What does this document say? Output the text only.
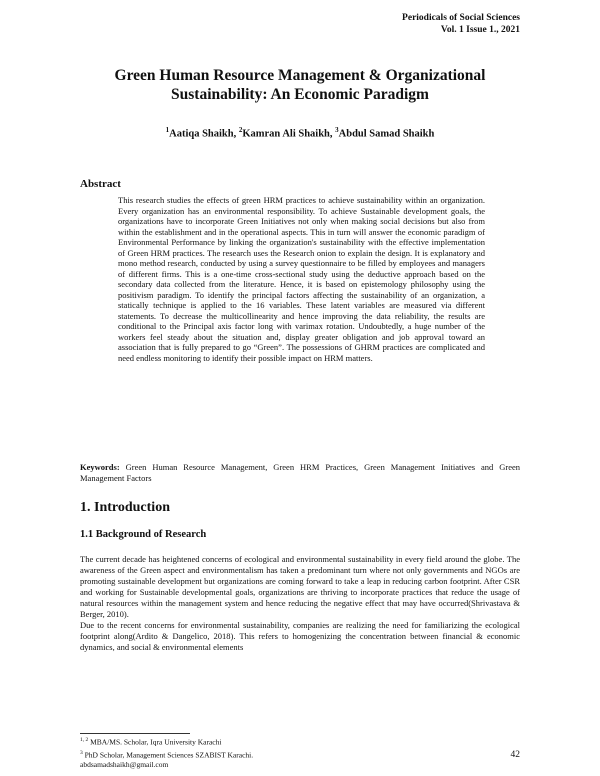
Periodicals of Social Sciences
Vol. 1 Issue 1., 2021
Green Human Resource Management & Organizational Sustainability: An Economic Paradigm
$^1$Aatiqa Shaikh, $^2$Kamran Ali Shaikh, $^3$Abdul Samad Shaikh
Abstract

This research studies the effects of green HRM practices to achieve sustainability within an organization. Every organization has an environmental responsibility. To achieve Sustainable development goals, the organizations have to incorporate Green Initiatives not only when making social decisions but also from within the establishment and in the operational aspects. This in turn will answer the economic paradigm of Environmental Performance by linking the organization's sustainability with the effective implementation of Green HRM practices. The research uses the Research onion to explain the design. It is explanatory and mono method research, conducted by using a survey questionnaire to be filled by employees and managers of different firms. This is a one-time cross-sectional study using the deductive approach based on the secondary data collected from the literature. Hence, it is based on epistemology philosophy using the positivism paradigm. To identify the principal factors affecting the sustainability of an organization, a statically technique is applied to the 16 variables. These latent variables are measured via different statements. To decrease the multicollinearity and hence improving the data reliability, the results are conditional to the Principal axis factor long with varimax rotation. Undoubtedly, a huge number of the workers feel steady about the situation and, display greater obligation and job approval toward an association that is fully prepared to go “Green”. The possessions of GHRM practices are complicated and need endless monitoring to identify their possible impact on HRM matters.

Keywords: Green Human Resource Management, Green HRM Practices, Green Management Initiatives and Green Management Factors

1. Introduction
1.1 Background of Research

The current decade has heightened concerns of ecological and environmental sustainability in every field around the globe. The awareness of the Green aspect and environmentalism has taken a predominant turn where not only governments and NGOs are promoting sustainable development but organizations are coming forward to take a leap in reducing carbon footprint. After CSR and working for Sustainable developmental goals, organizations are thriving to incorporate practices that reduce the usage of natural resources within the management system and hence reducing the negative effect that may have occurred(Shrivastava & Berger, 2010).

Due to the recent concerns for environmental sustainability, companies are realizing the need for familiarizing the ecological footprint along(Ardito & Dangelico, 2018). This refers to homogenizing the concentration between financial & economic dynamics, and social & environmental elements

$^{1, 2}$ MBA/MS. Scholar, Iqra University Karachi
$^3$ PhD Scholar, Management Sciences SZABIST Karachi.
abdsamadshaikh@gmail.com
42
